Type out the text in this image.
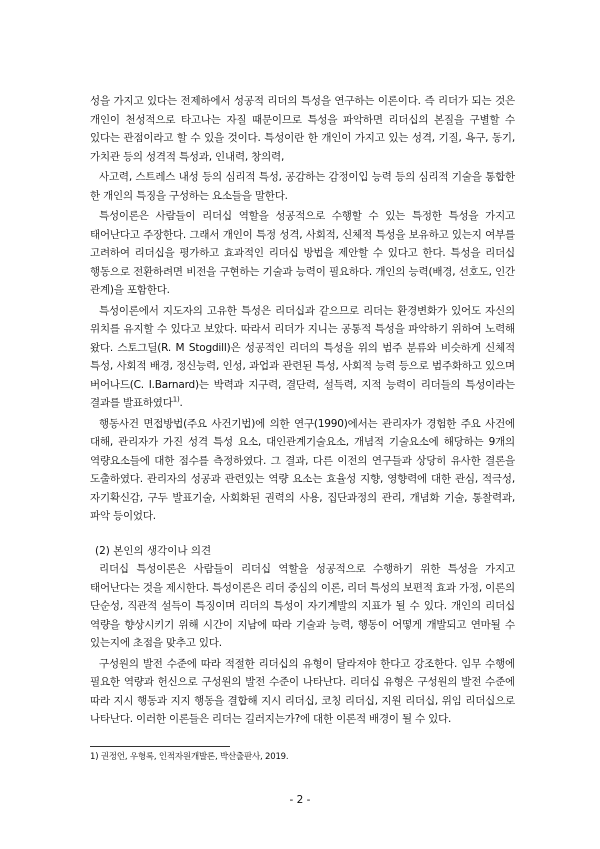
성을 가지고 있다는 전제하에서 성공적 리더의 특성을 연구하는 이론이다. 즉 리더가 되는 것은 개인이 천성적으로 타고나는 자질 때문이므로 특성을 파악하면 리더십의 본질을 구별할 수 있다는 관점이라고 할 수 있을 것이다. 특성이란 한 개인이 가지고 있는 성격, 기질, 욕구, 동기, 가치관 등의 성격적 특성과, 인내력, 창의력,

사고력, 스트레스 내성 등의 심리적 특성, 공감하는 감정이입 능력 등의 심리적 기술을 통합한 한 개인의 특징을 구성하는 요소들을 말한다.

특성이론은 사람들이 리더십 역할을 성공적으로 수행할 수 있는 특정한 특성을 가지고 태어난다고 주장한다. 그래서 개인이 특정 성격, 사회적, 신체적 특성을 보유하고 있는지 여부를 고려하여 리더십을 평가하고 효과적인 리더십 방법을 제안할 수 있다고 한다. 특성을 리더십 행동으로 전환하려면 비전을 구현하는 기술과 능력이 필요하다. 개인의 능력(배경, 선호도, 인간 관계)을 포함한다.

특성이론에서 지도자의 고유한 특성은 리더십과 같으므로 리더는 환경변화가 있어도 자신의 위치를 유지할 수 있다고 보았다. 따라서 리더가 지니는 공통적 특성을 파악하기 위하여 노력해 왔다. 스토그딜(R. M Stogdill)은 성공적인 리더의 특성을 위의 범주 분류와 비슷하게 신체적 특성, 사회적 배경, 정신능력, 인성, 과업과 관련된 특성, 사회적 능력 등으로 범주화하고 있으며 버어나드(C. I.Barnard)는 박력과 지구력, 결단력, 설득력, 지적 능력이 리더들의 특성이라는 결과를 발표하였다$^{1)}$.

행동사건 면접방법(주요 사건기법)에 의한 연구(1990)에서는 관리자가 경험한 주요 사건에 대해, 관리자가 가진 성격 특성 요소, 대인관계기술요소, 개념적 기술요소에 해당하는 9개의 역량요소들에 대한 점수를 측정하였다. 그 결과, 다른 이전의 연구들과 상당히 유사한 결론을 도출하였다. 관리자의 성공과 관련있는 역량 요소는 효율성 지향, 영향력에 대한 관심, 적극성, 자기확신감, 구두 발표기술, 사회화된 권력의 사용, 집단과정의 관리, 개념화 기술, 통찰력과, 파악 등이었다.

(2) 본인의 생각이나 의견

리더십 특성이론은 사람들이 리더십 역할을 성공적으로 수행하기 위한 특성을 가지고 태어난다는 것을 제시한다. 특성이론은 리더 중심의 이론, 리더 특성의 보편적 효과 가정, 이론의 단순성, 직관적 설득이 특징이며 리더의 특성이 자기계발의 지표가 될 수 있다. 개인의 리더십 역량을 향상시키기 위해 시간이 지남에 따라 기술과 능력, 행동이 어떻게 개발되고 연마될 수 있는지에 초점을 맞추고 있다.

구성원의 발전 수준에 따라 적절한 리더십의 유형이 달라져야 한다고 강조한다. 임무 수행에 필요한 역량과 헌신으로 구성원의 발전 수준이 나타난다. 리더십 유형은 구성원의 발전 수준에 따라 지시 행동과 지지 행동을 결합해 지시 리더십, 코칭 리더십, 지원 리더십, 위임 리더십으로 나타난다. 이러한 이론들은 리더는 길러지는가?에 대한 이론적 배경이 될 수 있다.

1) 권정언, 우형록, 인적자원개발론, 박산출판사, 2019.
- 2 -
